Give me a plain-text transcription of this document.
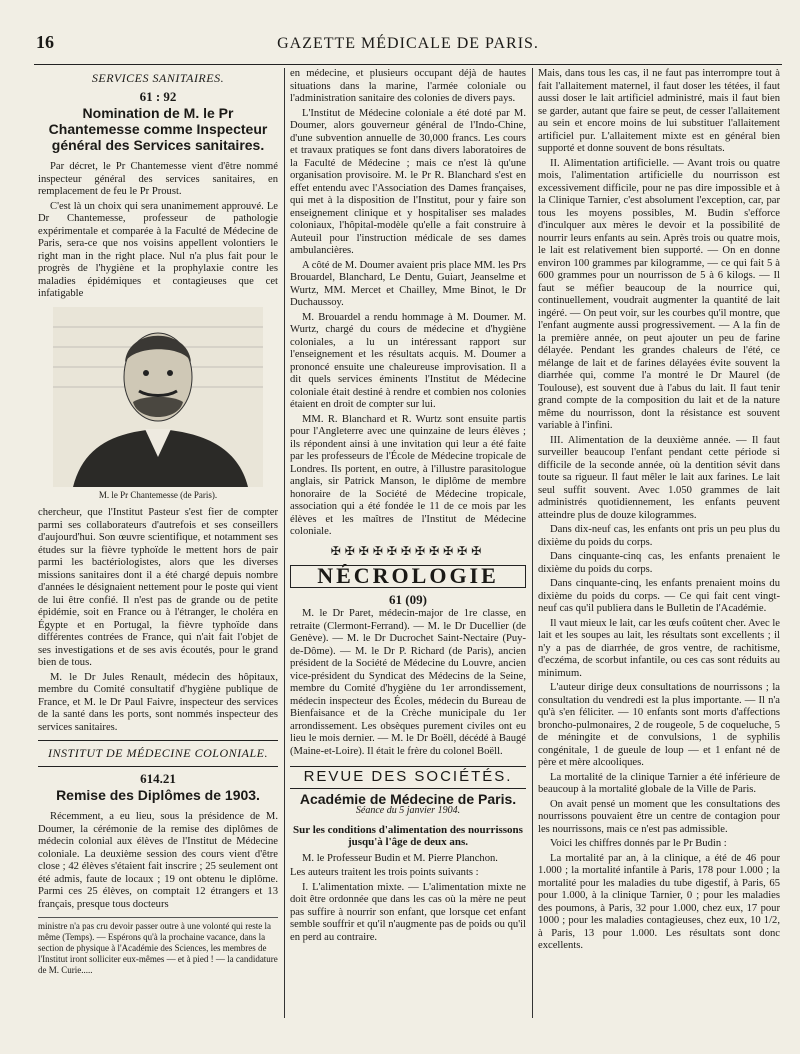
16	GAZETTE MÉDICALE DE PARIS.
SERVICES SANITAIRES.
61 : 92
Nomination de M. le Pr Chantemesse comme Inspecteur général des Services sanitaires.

Par décret, le Pr Chantemesse vient d'être nommé inspecteur général des services sanitaires, en remplacement de feu le Pr Proust.

C'est là un choix qui sera unanimement approuvé. Le Dr Chantemesse, professeur de pathologie expérimentale et comparée à la Faculté de Médecine de Paris, sera-ce que nos voisins appellent volontiers le right man in the right place. Nul n'a plus fait pour le progrès de l'hygiène et la prophylaxie contre les maladies épidémiques et contagieuses que cet infatigable

M. le Pr Chantemesse (de Paris).

chercheur, que l'Institut Pasteur s'est fier de compter parmi ses collaborateurs d'autrefois et ses conseillers d'aujourd'hui. Son œuvre scientifique, et notamment ses études sur la fièvre typhoïde le mettent hors de pair parmi les bactériologistes, alors que les diverses missions sanitaires dont il a été chargé depuis nombre d'années le désignaient nettement pour le poste qui vient de lui être confié. Il n'est pas de grande ou de petite épidémie, soit en France ou à l'étranger, le choléra en Égypte et en Portugal, la fièvre typhoïde dans différentes contrées de France, qui n'ait fait l'objet de ses investigations et de ses avis écoutés, pour le grand bien de tous.

M. le Dr Jules Renault, médecin des hôpitaux, membre du Comité consultatif d'hygiène publique de France, et M. le Dr Paul Faivre, inspecteur des services de la santé dans les ports, sont nommés inspecteur des services sanitaires.

INSTITUT DE MÉDECINE COLONIALE.
614.21
Remise des Diplômes de 1903.

Récemment, a eu lieu, sous la présidence de M. Doumer, la cérémonie de la remise des diplômes de médecin colonial aux élèves de l'Institut de Médecine coloniale. La deuxième session des cours vient d'être close ; 42 élèves s'étaient fait inscrire ; 25 seulement ont été admis, faute de locaux ; 19 ont obtenu le diplôme. Parmi ces 25 élèves, on comptait 12 étrangers et 13 français, presque tous docteurs

ministre n'a pas cru devoir passer outre à une volonté qui reste la même (Temps). — Espérons qu'à la prochaine vacance, dans la section de physique à l'Académie des Sciences, les membres de l'Institut iront solliciter eux-mêmes — et à pied ! — la candidature de M. Curie.....

en médecine, et plusieurs occupant déjà de hautes situations dans la marine, l'armée coloniale ou l'administration sanitaire des colonies de divers pays.

L'Institut de Médecine coloniale a été doté par M. Doumer, alors gouverneur général de l'Indo-Chine, d'une subvention annuelle de 30,000 francs. Les cours et travaux pratiques se font dans divers laboratoires de la Faculté de Médecine ; mais ce n'est là qu'une organisation provisoire. M. le Pr R. Blanchard s'est en effet entendu avec l'Association des Dames françaises, qui met à la disposition de l'Institut, pour y faire son enseignement clinique et y hospitaliser ses malades coloniaux, l'hôpital-modèle qu'elle a fait construire à Auteuil pour l'instruction médicale de ses dames ambulancières.

A côté de M. Doumer avaient pris place MM. les Prs Brouardel, Blanchard, Le Dentu, Guiart, Jeanselme et Wurtz, MM. Mercet et Chailley, Mme Binot, le Dr Duchaussoy.

M. Brouardel a rendu hommage à M. Doumer. M. Wurtz, chargé du cours de médecine et d'hygiène coloniales, a lu un intéressant rapport sur l'enseignement et les résultats acquis. M. Doumer a prononcé ensuite une chaleureuse improvisation. Il a dit quels services éminents l'Institut de Médecine coloniale était destiné à rendre et combien nos colonies étaient en droit de compter sur lui.

MM. R. Blanchard et R. Wurtz sont ensuite partis pour l'Angleterre avec une quinzaine de leurs élèves ; ils répondent ainsi à une invitation qui leur a été faite par les professeurs de l'École de Médecine tropicale de Londres. Ils portent, en outre, à l'illustre parasitologue anglais, sir Patrick Manson, le diplôme de membre honoraire de la Société de Médecine tropicale, association qui a été fondée le 11 de ce mois par les élèves et les maîtres de l'Institut de Médecine coloniale.

✠✠✠✠✠✠✠✠✠✠✠
NÉCROLOGIE
61 (09)

M. le Dr Paret, médecin-major de 1re classe, en retraite (Clermont-Ferrand). — M. le Dr Ducellier (de Genève). — M. le Dr Ducrochet Saint-Nectaire (Puy-de-Dôme). — M. le Dr P. Richard (de Paris), ancien président de la Société de Médecine du Louvre, ancien vice-président du Syndicat des Médecins de la Seine, membre du Comité d'hygiène du 1er arrondissement, médecin inspecteur des Écoles, médecin du Bureau de Bienfaisance et de la Crèche municipale du 1er arrondissement. Les obsèques purement civiles ont eu lieu le mois dernier. — M. le Dr Boëll, décédé à Baugé (Maine-et-Loire). Il était le frère du colonel Boëll.

REVUE DES SOCIÉTÉS.
Académie de Médecine de Paris.
Séance du 5 janvier 1904.
Sur les conditions d'alimentation des nourrissons jusqu'à l'âge de deux ans.

M. le Professeur Budin et M. Pierre Planchon.

Les auteurs traitent les trois points suivants :

I. L'alimentation mixte. — L'alimentation mixte ne doit être ordonnée que dans les cas où la mère ne peut pas suffire à nourrir son enfant, que lorsque cet enfant semble souffrir et qu'il n'augmente pas de poids ou qu'il en perd au contraire.

Mais, dans tous les cas, il ne faut pas interrompre tout à fait l'allaitement maternel, il faut doser les tétées, il faut aussi doser le lait artificiel administré, mais il faut bien se garder, autant que faire se peut, de cesser l'allaitement au sein et encore moins de lui substituer l'allaitement artificiel pur. L'allaitement mixte est en général bien supporté et donne souvent de bons résultats.

II. Alimentation artificielle. — Avant trois ou quatre mois, l'alimentation artificielle du nourrisson est excessivement difficile, pour ne pas dire impossible et à la Clinique Tarnier, c'est absolument l'exception, car, par tous les moyens possibles, M. Budin s'efforce d'inculquer aux mères le devoir et la possibilité de nourrir leurs enfants au sein. Après trois ou quatre mois, le lait est relativement bien supporté. — On en donne environ 100 grammes par kilogramme, — ce qui fait 5 à 600 grammes pour un nourrisson de 5 à 6 kilogs. — Il faut se méfier beaucoup de la nourrice qui, continuellement, voudrait augmenter la quantité de lait ingéré. — On peut voir, sur les courbes qu'il montre, que l'enfant augmente aussi progressivement. — A la fin de la première année, on peut ajouter un peu de farine délayée. Pendant les grandes chaleurs de l'été, ce mélange de lait et de farines délayées évite souvent la diarrhée qui, comme l'a montré le Dr Maurel (de Toulouse), est souvent due à l'abus du lait. Il faut tenir grand compte de la composition du lait et de la nature même du nourrisson, dont la résistance est souvent variable à l'infini.

III. Alimentation de la deuxième année. — Il faut surveiller beaucoup l'enfant pendant cette période si difficile de la seconde année, où la dentition sévit dans toute sa rigueur. Il faut mêler le lait aux farines. Le lait seul suffit souvent. Avec 1.050 grammes de lait administrés quotidiennement, les enfants peuvent atteindre plus de douze kilogrammes.

Dans dix-neuf cas, les enfants ont pris un peu plus du dixième du poids du corps.

Dans cinquante-cinq cas, les enfants prenaient le dixième du poids du corps.

Dans cinquante-cinq, les enfants prenaient moins du dixième du poids du corps. — Ce qui fait cent vingt-neuf cas qu'il publiera dans le Bulletin de l'Académie.

Il vaut mieux le lait, car les œufs coûtent cher. Avec le lait et les soupes au lait, les résultats sont excellents ; il n'y a pas de diarrhée, de gros ventre, de rachitisme, d'eczéma, de scorbut infantile, ou ces cas sont réduits au minimum.

L'auteur dirige deux consultations de nourrissons ; la consultation du vendredi est la plus importante. — Il n'a qu'à s'en féliciter. — 10 enfants sont morts d'affections broncho-pulmonaires, 2 de rougeole, 5 de coqueluche, 5 de méningite et de convulsions, 1 de syphilis congénitale, 1 de gueule de loup — et 1 enfant né de père et mère alcooliques.

La mortalité de la clinique Tarnier a été inférieure de beaucoup à la mortalité globale de la Ville de Paris.

On avait pensé un moment que les consultations des nourrissons pouvaient être un centre de contagion pour les nourrissons, mais ce n'est pas admissible.

Voici les chiffres donnés par le Pr Budin :

La mortalité par an, à la clinique, a été de 46 pour 1.000 ; la mortalité infantile à Paris, 178 pour 1.000 ; la mortalité pour les maladies du tube digestif, à Paris, 65 pour 1.000, à la clinique Tarnier, 0 ; pour les maladies des poumons, à Paris, 32 pour 1.000, chez eux, 17 pour 1000 ; pour les maladies contagieuses, chez eux, 10 1/2, à Paris, 13 pour 1.000. Les résultats sont donc excellents.
